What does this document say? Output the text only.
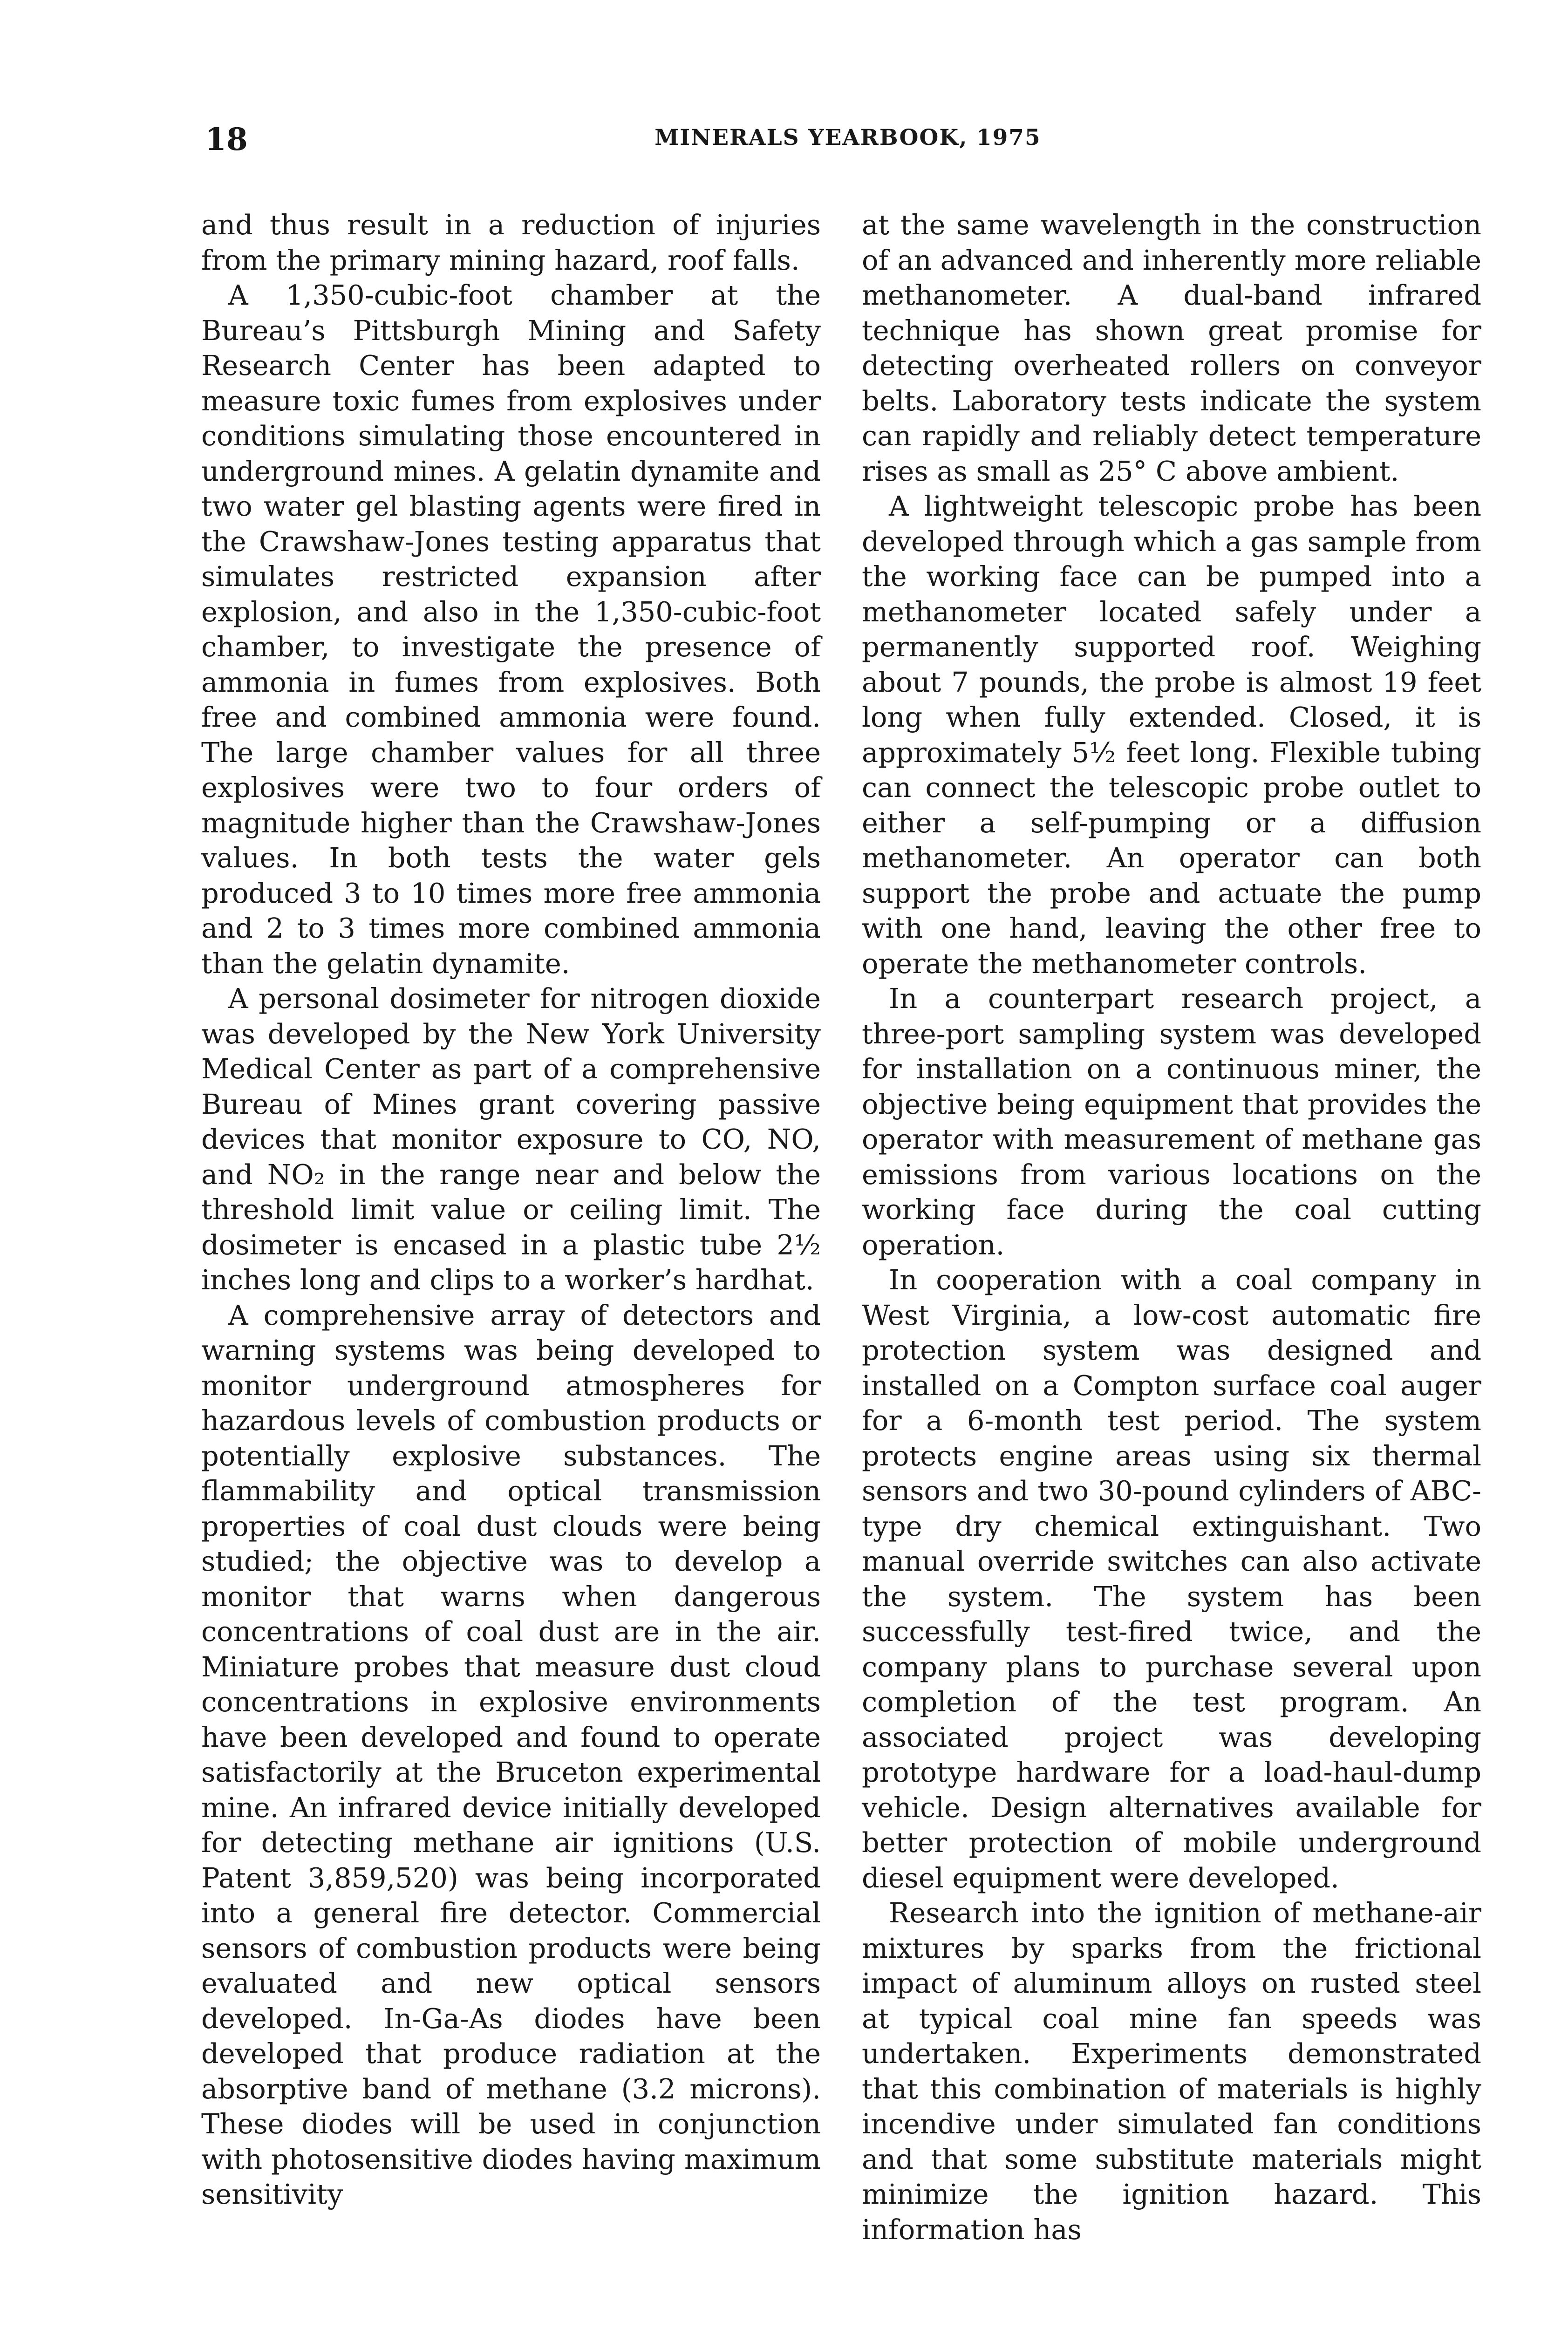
18	MINERALS YEARBOOK, 1975

and thus result in a reduction of injuries from the primary mining hazard, roof falls.

A 1,350-cubic-foot chamber at the Bureau’s Pittsburgh Mining and Safety Research Center has been adapted to measure toxic fumes from explosives under conditions simulating those encountered in underground mines. A gelatin dynamite and two water gel blasting agents were fired in the Crawshaw-Jones testing apparatus that simulates restricted expansion after explosion, and also in the 1,350-cubic-foot chamber, to investigate the presence of ammonia in fumes from explosives. Both free and combined ammonia were found. The large chamber values for all three explosives were two to four orders of magnitude higher than the Crawshaw-Jones values. In both tests the water gels produced 3 to 10 times more free ammonia and 2 to 3 times more combined ammonia than the gelatin dynamite.

A personal dosimeter for nitrogen dioxide was developed by the New York University Medical Center as part of a comprehensive Bureau of Mines grant covering passive devices that monitor exposure to CO, NO, and NO₂ in the range near and below the threshold limit value or ceiling limit. The dosimeter is encased in a plastic tube 2½ inches long and clips to a worker’s hardhat.

A comprehensive array of detectors and warning systems was being developed to monitor underground atmospheres for hazardous levels of combustion products or potentially explosive substances. The flammability and optical transmission properties of coal dust clouds were being studied; the objective was to develop a monitor that warns when dangerous concentrations of coal dust are in the air. Miniature probes that measure dust cloud concentrations in explosive environments have been developed and found to operate satisfactorily at the Bruceton experimental mine. An infrared device initially developed for detecting methane air ignitions (U.S. Patent 3,859,520) was being incorporated into a general fire detector. Commercial sensors of combustion products were being evaluated and new optical sensors developed. In-Ga-As diodes have been developed that produce radiation at the absorptive band of methane (3.2 microns). These diodes will be used in conjunction with photosensitive diodes having maximum sensitivity

at the same wavelength in the construction of an advanced and inherently more reliable methanometer. A dual-band infrared technique has shown great promise for detecting overheated rollers on conveyor belts. Laboratory tests indicate the system can rapidly and reliably detect temperature rises as small as 25° C above ambient.

A lightweight telescopic probe has been developed through which a gas sample from the working face can be pumped into a methanometer located safely under a permanently supported roof. Weighing about 7 pounds, the probe is almost 19 feet long when fully extended. Closed, it is approximately 5½ feet long. Flexible tubing can connect the telescopic probe outlet to either a self-pumping or a diffusion methanometer. An operator can both support the probe and actuate the pump with one hand, leaving the other free to operate the methanometer controls.

In a counterpart research project, a three-port sampling system was developed for installation on a continuous miner, the objective being equipment that provides the operator with measurement of methane gas emissions from various locations on the working face during the coal cutting operation.

In cooperation with a coal company in West Virginia, a low-cost automatic fire protection system was designed and installed on a Compton surface coal auger for a 6-month test period. The system protects engine areas using six thermal sensors and two 30-pound cylinders of ABC-type dry chemical extinguishant. Two manual override switches can also activate the system. The system has been successfully test-fired twice, and the company plans to purchase several upon completion of the test program. An associated project was developing prototype hardware for a load-haul-dump vehicle. Design alternatives available for better protection of mobile underground diesel equipment were developed.

Research into the ignition of methane-air mixtures by sparks from the frictional impact of aluminum alloys on rusted steel at typical coal mine fan speeds was undertaken. Experiments demonstrated that this combination of materials is highly incendive under simulated fan conditions and that some substitute materials might minimize the ignition hazard. This information has
